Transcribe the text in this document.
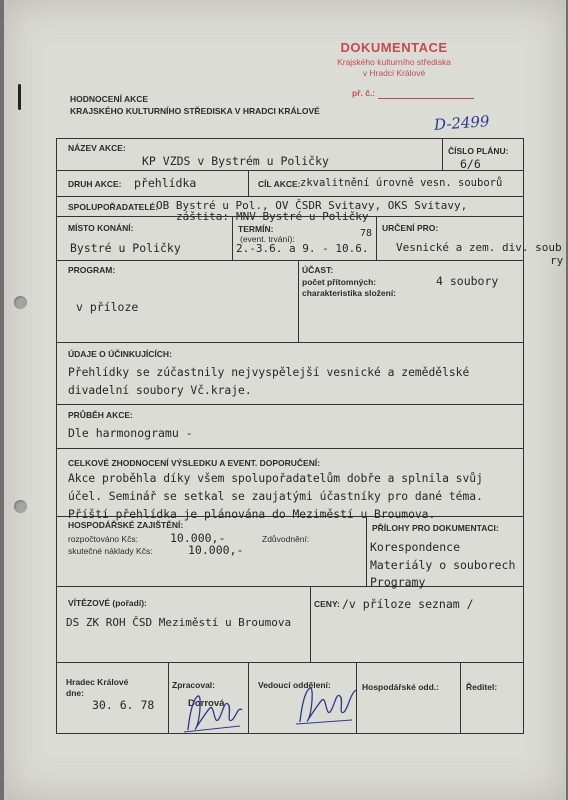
DOKUMENTACE
Krajského kulturního střediska
v Hradci Králové
př. č.:
D-2499
HODNOCENÍ AKCE
KRAJSKÉHO KULTURNÍHO STŘEDISKA V HRADCI KRÁLOVÉ
NÁZEV AKCE:
KP VZDS v Bystrém u Poličky
ČÍSLO PLÁNU:
6/6
DRUH AKCE: přehlídka	CÍL AKCE: zkvalitnění úrovně vesn. souborů
SPOLUPOŘADATELÉ:
OB Bystré u Pol., OV ČSDR Svitavy, OKS Svitavy,
záštita: MNV Bystré u Poličky
MÍSTO KONÁNÍ:
Bystré u Poličky
TERMÍN:
(event. trvání):	78
2.-3.6. a 9. - 10.6.
URČENÍ PRO:
Vesnické a zem. div. soub
ry
PROGRAM:
v příloze
ÚČAST:
počet přítomných:	4 soubory
charakteristika složení:
ÚDAJE O ÚČINKUJÍCÍCH:
Přehlídky se zúčastnily nejvyspělejší vesnické a zemědělské
divadelní soubory Vč.kraje.
PRŮBĚH AKCE:
Dle harmonogramu -
CELKOVÉ ZHODNOCENÍ VÝSLEDKU A EVENT. DOPORUČENÍ:
Akce proběhla díky všem spolupořadatelům dobře a splnila svůj
účel. Seminář se setkal se zaujatými účastníky pro dané téma.
Příští přehlídka je plánována do Meziměstí u Broumova.
HOSPODÁŘSKÉ ZAJIŠTĚNÍ:
rozpočtováno Kčs:	10.000,-	Zdůvodnění:
skutečné náklady Kčs:	10.000,-
PŘÍLOHY PRO DOKUMENTACI:
Korespondence
Materiály o souborech
Programy
VÍTĚZOVÉ (pořadí):
DS ZK ROH ČSD Meziměstí u Broumova
CENY: /v příloze seznam /
Hradec Králové
dne:
30. 6. 78
Zpracoval:
Dorrová
Vedoucí oddělení:	Hospodářské odd.:	Ředitel:
